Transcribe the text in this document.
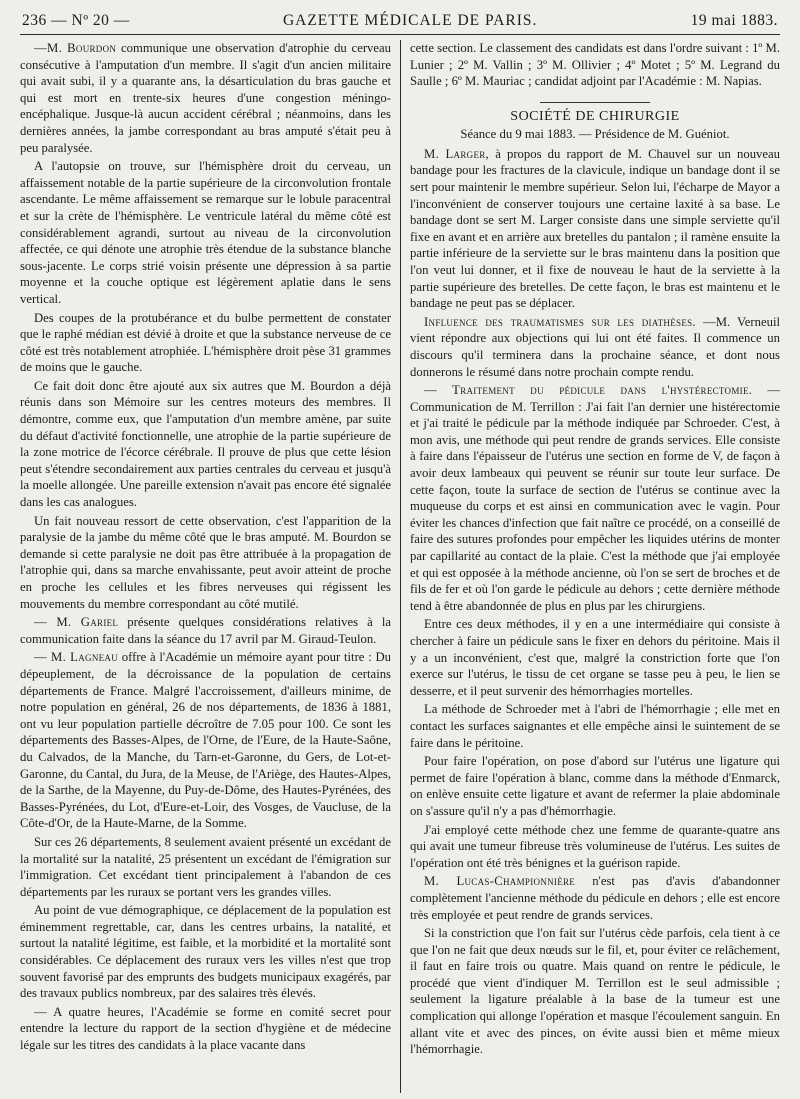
236 — Nº 20 —	GAZETTE MÉDICALE DE PARIS.	19 mai 1883.

—M. Bourdon communique une observation d'atrophie du cerveau consécutive à l'amputation d'un membre. Il s'agit d'un ancien militaire qui avait subi, il y a quarante ans, la désarticulation du bras gauche et qui est mort en trente-six heures d'une congestion méningo-encéphalique. Jusque-là aucun accident cérébral ; néanmoins, dans les dernières années, la jambe correspondant au bras amputé s'était peu à peu paralysée.

A l'autopsie on trouve, sur l'hémisphère droit du cerveau, un affaissement notable de la partie supérieure de la circonvolution frontale ascendante. Le même affaissement se remarque sur le lobule paracentral et sur la crète de l'hémisphère. Le ventricule latéral du même côté est considérablement agrandi, surtout au niveau de la circonvolution affectée, ce qui dénote une atrophie très étendue de la substance blanche sous-jacente. Le corps strié voisin présente une dépression à sa partie moyenne et la couche optique est légèrement aplatie dans le sens vertical.

Des coupes de la protubérance et du bulbe permettent de constater que le raphé médian est dévié à droite et que la substance nerveuse de ce côté est très notablement atrophiée. L'hémisphère droit pèse 31 grammes de moins que le gauche.

Ce fait doit donc être ajouté aux six autres que M. Bourdon a déjà réunis dans son Mémoire sur les centres moteurs des membres. Il démontre, comme eux, que l'amputation d'un membre amène, par suite du défaut d'activité fonctionnelle, une atrophie de la partie supérieure de la zone motrice de l'écorce cérébrale. Il prouve de plus que cette lésion peut s'étendre secondairement aux parties centrales du cerveau et jusqu'à la moelle allongée. Une pareille extension n'avait pas encore été signalée dans les cas analogues.

Un fait nouveau ressort de cette observation, c'est l'apparition de la paralysie de la jambe du même côté que le bras amputé. M. Bourdon se demande si cette paralysie ne doit pas être attribuée à la propagation de l'atrophie qui, dans sa marche envahissante, peut avoir atteint de proche en proche les cellules et les fibres nerveuses qui régissent les mouvements du membre correspondant au côté mutilé.

— M. Gariel présente quelques considérations relatives à la communication faite dans la séance du 17 avril par M. Giraud-Teulon.

— M. Lagneau offre à l'Académie un mémoire ayant pour titre : Du dépeuplement, de la décroissance de la population de certains départements de France. Malgré l'accroissement, d'ailleurs minime, de notre population en général, 26 de nos départements, de 1836 à 1881, ont vu leur population partielle décroître de 7.05 pour 100. Ce sont les départements des Basses-Alpes, de l'Orne, de l'Eure, de la Haute-Saône, du Calvados, de la Manche, du Tarn-et-Garonne, du Gers, de Lot-et-Garonne, du Cantal, du Jura, de la Meuse, de l'Ariège, des Hautes-Alpes, de la Sarthe, de la Mayenne, du Puy-de-Dôme, des Hautes-Pyrénées, des Basses-Pyrénées, du Lot, d'Eure-et-Loir, des Vosges, de Vaucluse, de la Côte-d'Or, de la Haute-Marne, de la Somme.

Sur ces 26 départements, 8 seulement avaient présenté un excédant de la mortalité sur la natalité, 25 présentent un excédant de l'émigration sur l'immigration. Cet excédant tient principalement à l'abandon de ces départements par les ruraux se portant vers les grandes villes.

Au point de vue démographique, ce déplacement de la population est éminemment regrettable, car, dans les centres urbains, la natalité, et surtout la natalité légitime, est faible, et la morbidité et la mortalité sont considérables. Ce déplacement des ruraux vers les villes n'est que trop souvent favorisé par des emprunts des budgets municipaux exagérés, par des travaux publics nombreux, par des salaires très élevés.

— A quatre heures, l'Académie se forme en comité secret pour entendre la lecture du rapport de la section d'hygiène et de médecine légale sur les titres des candidats à la place vacante dans

cette section. Le classement des candidats est dans l'ordre suivant : 1º M. Lunier ; 2º M. Vallin ; 3º M. Ollivier ; 4º Motet ; 5º M. Legrand du Saulle ; 6º M. Mauriac ; candidat adjoint par l'Académie : M. Napias.

SOCIÉTÉ DE CHIRURGIE
Séance du 9 mai 1883. — Présidence de M. Guéniot.

M. Larger, à propos du rapport de M. Chauvel sur un nouveau bandage pour les fractures de la clavicule, indique un bandage dont il se sert pour maintenir le membre supérieur. Selon lui, l'écharpe de Mayor a l'inconvénient de conserver toujours une certaine laxité à sa base. Le bandage dont se sert M. Larger consiste dans une simple serviette qu'il fixe en avant et en arrière aux bretelles du pantalon ; il ramène ensuite la partie inférieure de la serviette sur le bras maintenu dans la position que l'on veut lui donner, et il fixe de nouveau le haut de la serviette à la partie supérieure des bretelles. De cette façon, le bras est maintenu et le bandage ne peut pas se déplacer.

Influence des traumatismes sur les diathèses. —M. Verneuil vient répondre aux objections qui lui ont été faites. Il commence un discours qu'il terminera dans la prochaine séance, et dont nous donnerons le résumé dans notre prochain compte rendu.

— Traitement du pédicule dans l'hystérectomie. — Communication de M. Terrillon : J'ai fait l'an dernier une histérectomie et j'ai traité le pédicule par la méthode indiquée par Schroeder. C'est, à mon avis, une méthode qui peut rendre de grands services. Elle consiste à faire dans l'épaisseur de l'utérus une section en forme de V, de façon à avoir deux lambeaux qui peuvent se réunir sur toute leur surface. De cette façon, toute la surface de section de l'utérus se continue avec la muqueuse du corps et est ainsi en communication avec le vagin. Pour éviter les chances d'infection que fait naître ce procédé, on a conseillé de faire des sutures profondes pour empêcher les liquides utérins de monter par capillarité au contact de la plaie. C'est la méthode que j'ai employée et qui est opposée à la méthode ancienne, où l'on se sert de broches et de fils de fer et où l'on garde le pédicule au dehors ; cette dernière méthode tend à être abandonnée de plus en plus par les chirurgiens.

Entre ces deux méthodes, il y en a une intermédiaire qui consiste à chercher à faire un pédicule sans le fixer en dehors du péritoine. Mais il y a un inconvénient, c'est que, malgré la constriction forte que l'on exerce sur l'utérus, le tissu de cet organe se tasse peu à peu, le lien se desserre, et il peut survenir des hémorrhagies mortelles.

La méthode de Schroeder met à l'abri de l'hémorrhagie ; elle met en contact les surfaces saignantes et elle empêche ainsi le suintement de se faire dans le péritoine.

Pour faire l'opération, on pose d'abord sur l'utérus une ligature qui permet de faire l'opération à blanc, comme dans la méthode d'Enmarck, on enlève ensuite cette ligature et avant de refermer la plaie abdominale on s'assure qu'il n'y a pas d'hémorrhagie.

J'ai employé cette méthode chez une femme de quarante-quatre ans qui avait une tumeur fibreuse très volumineuse de l'utérus. Les suites de l'opération ont été très bénignes et la guérison rapide.

M. Lucas-Championnière n'est pas d'avis d'abandonner complètement l'ancienne méthode du pédicule en dehors ; elle est encore très employée et peut rendre de grands services.

Si la constriction que l'on fait sur l'utérus cède parfois, cela tient à ce que l'on ne fait que deux nœuds sur le fil, et, pour éviter ce relâchement, il faut en faire trois ou quatre. Mais quand on rentre le pédicule, le procédé que vient d'indiquer M. Terrillon est le seul admissible ; seulement la ligature préalable à la base de la tumeur est une complication qui allonge l'opération et masque l'écoulement sanguin. En allant vite et avec des pinces, on évite aussi bien et même mieux l'hémorrhagie.
